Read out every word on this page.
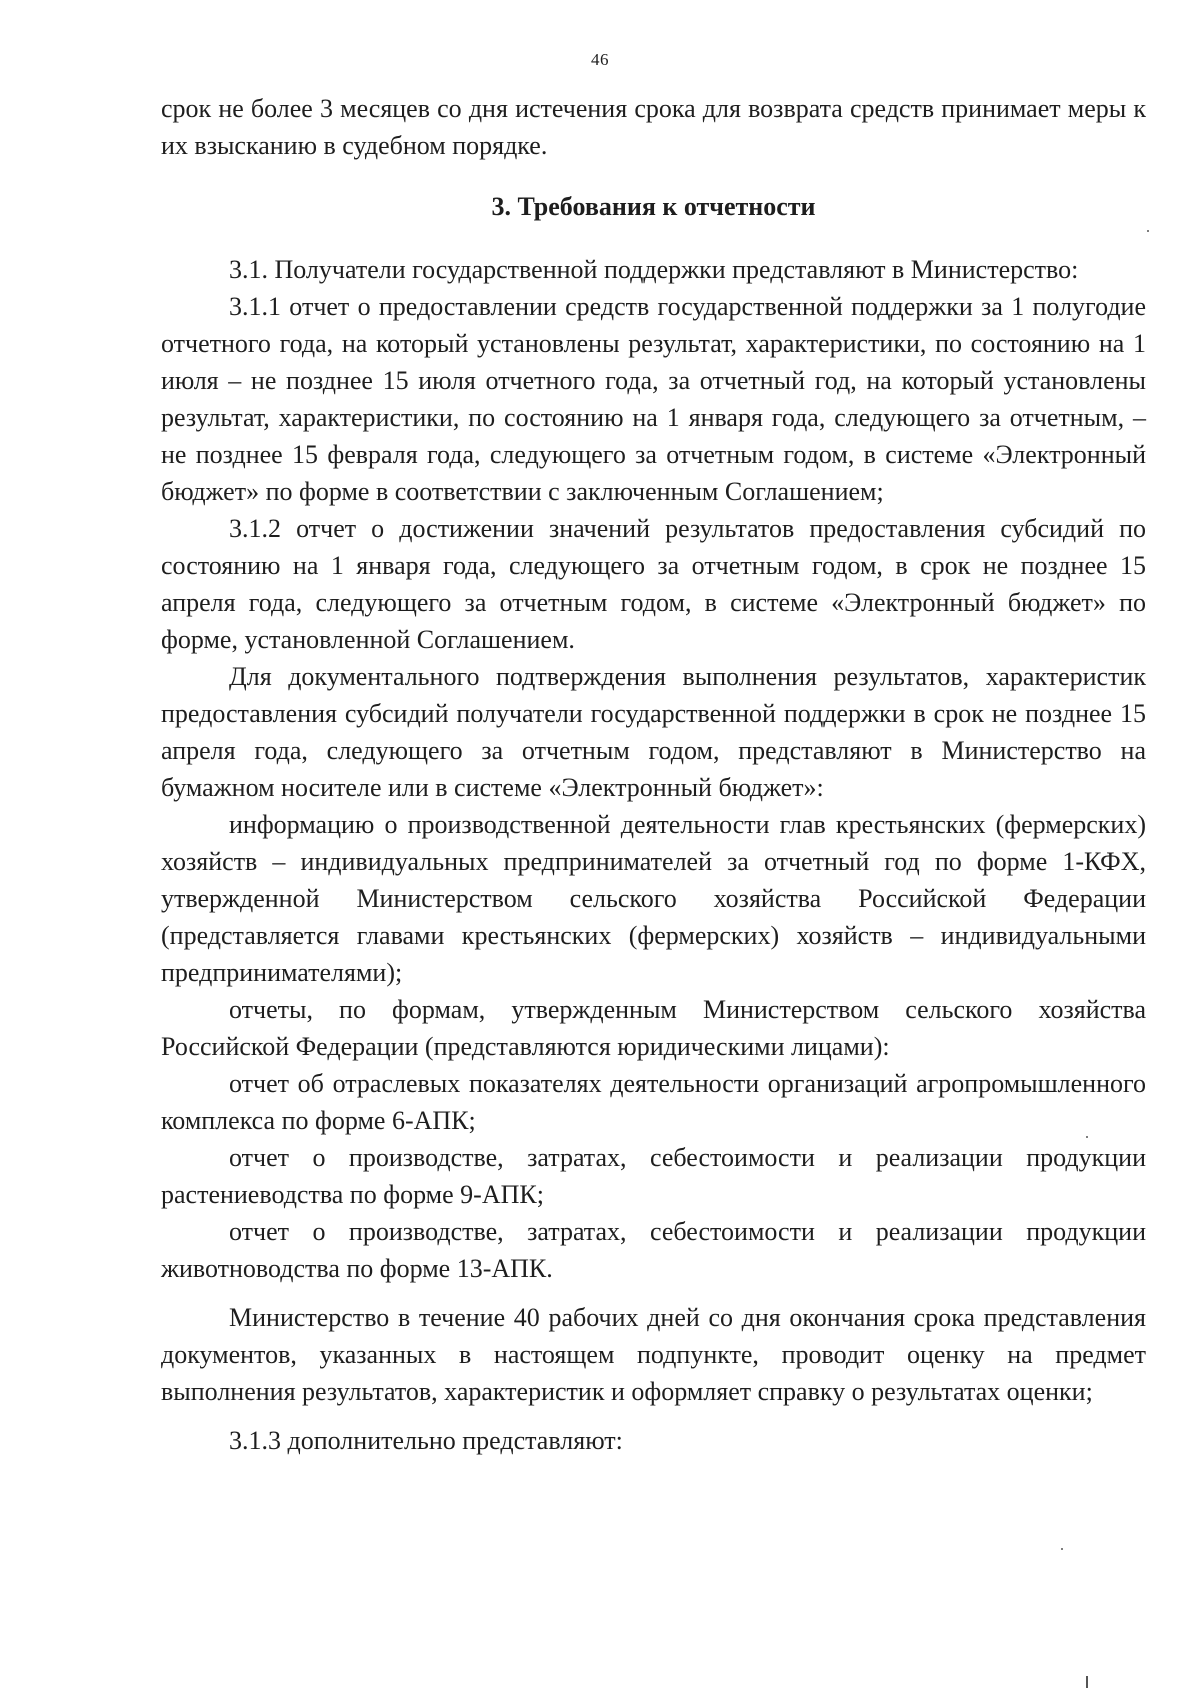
46

срок не более 3 месяцев со дня истечения срока для возврата средств принимает меры к их взысканию в судебном порядке.

3. Требования к отчетности

3.1. Получатели государственной поддержки представляют в Министерство:

3.1.1 отчет о предоставлении средств государственной поддержки за 1 полугодие отчетного года, на который установлены результат, характеристики, по состоянию на 1 июля – не позднее 15 июля отчетного года, за отчетный год, на который установлены результат, характеристики, по состоянию на 1 января года, следующего за отчетным, – не позднее 15 февраля года, следующего за отчетным годом, в системе «Электронный бюджет» по форме в соответствии с заключенным Соглашением;

3.1.2 отчет о достижении значений результатов предоставления субсидий по состоянию на 1 января года, следующего за отчетным годом, в срок не позднее 15 апреля года, следующего за отчетным годом, в системе «Электронный бюджет» по форме, установленной Соглашением.

Для документального подтверждения выполнения результатов, характеристик предоставления субсидий получатели государственной поддержки в срок не позднее 15 апреля года, следующего за отчетным годом, представляют в Министерство на бумажном носителе или в системе «Электронный бюджет»:

информацию о производственной деятельности глав крестьянских (фермерских) хозяйств – индивидуальных предпринимателей за отчетный год по форме 1-КФХ, утвержденной Министерством сельского хозяйства Российской Федерации (представляется главами крестьянских (фермерских) хозяйств – индивидуальными предпринимателями);

отчеты, по формам, утвержденным Министерством сельского хозяйства Российской Федерации (представляются юридическими лицами):

отчет об отраслевых показателях деятельности организаций агропромышленного комплекса по форме 6-АПК;

отчет о производстве, затратах, себестоимости и реализации продукции растениеводства по форме 9-АПК;

отчет о производстве, затратах, себестоимости и реализации продукции животноводства по форме 13-АПК.

Министерство в течение 40 рабочих дней со дня окончания срока представления документов, указанных в настоящем подпункте, проводит оценку на предмет выполнения результатов, характеристик и оформляет справку о результатах оценки;

3.1.3 дополнительно представляют:
